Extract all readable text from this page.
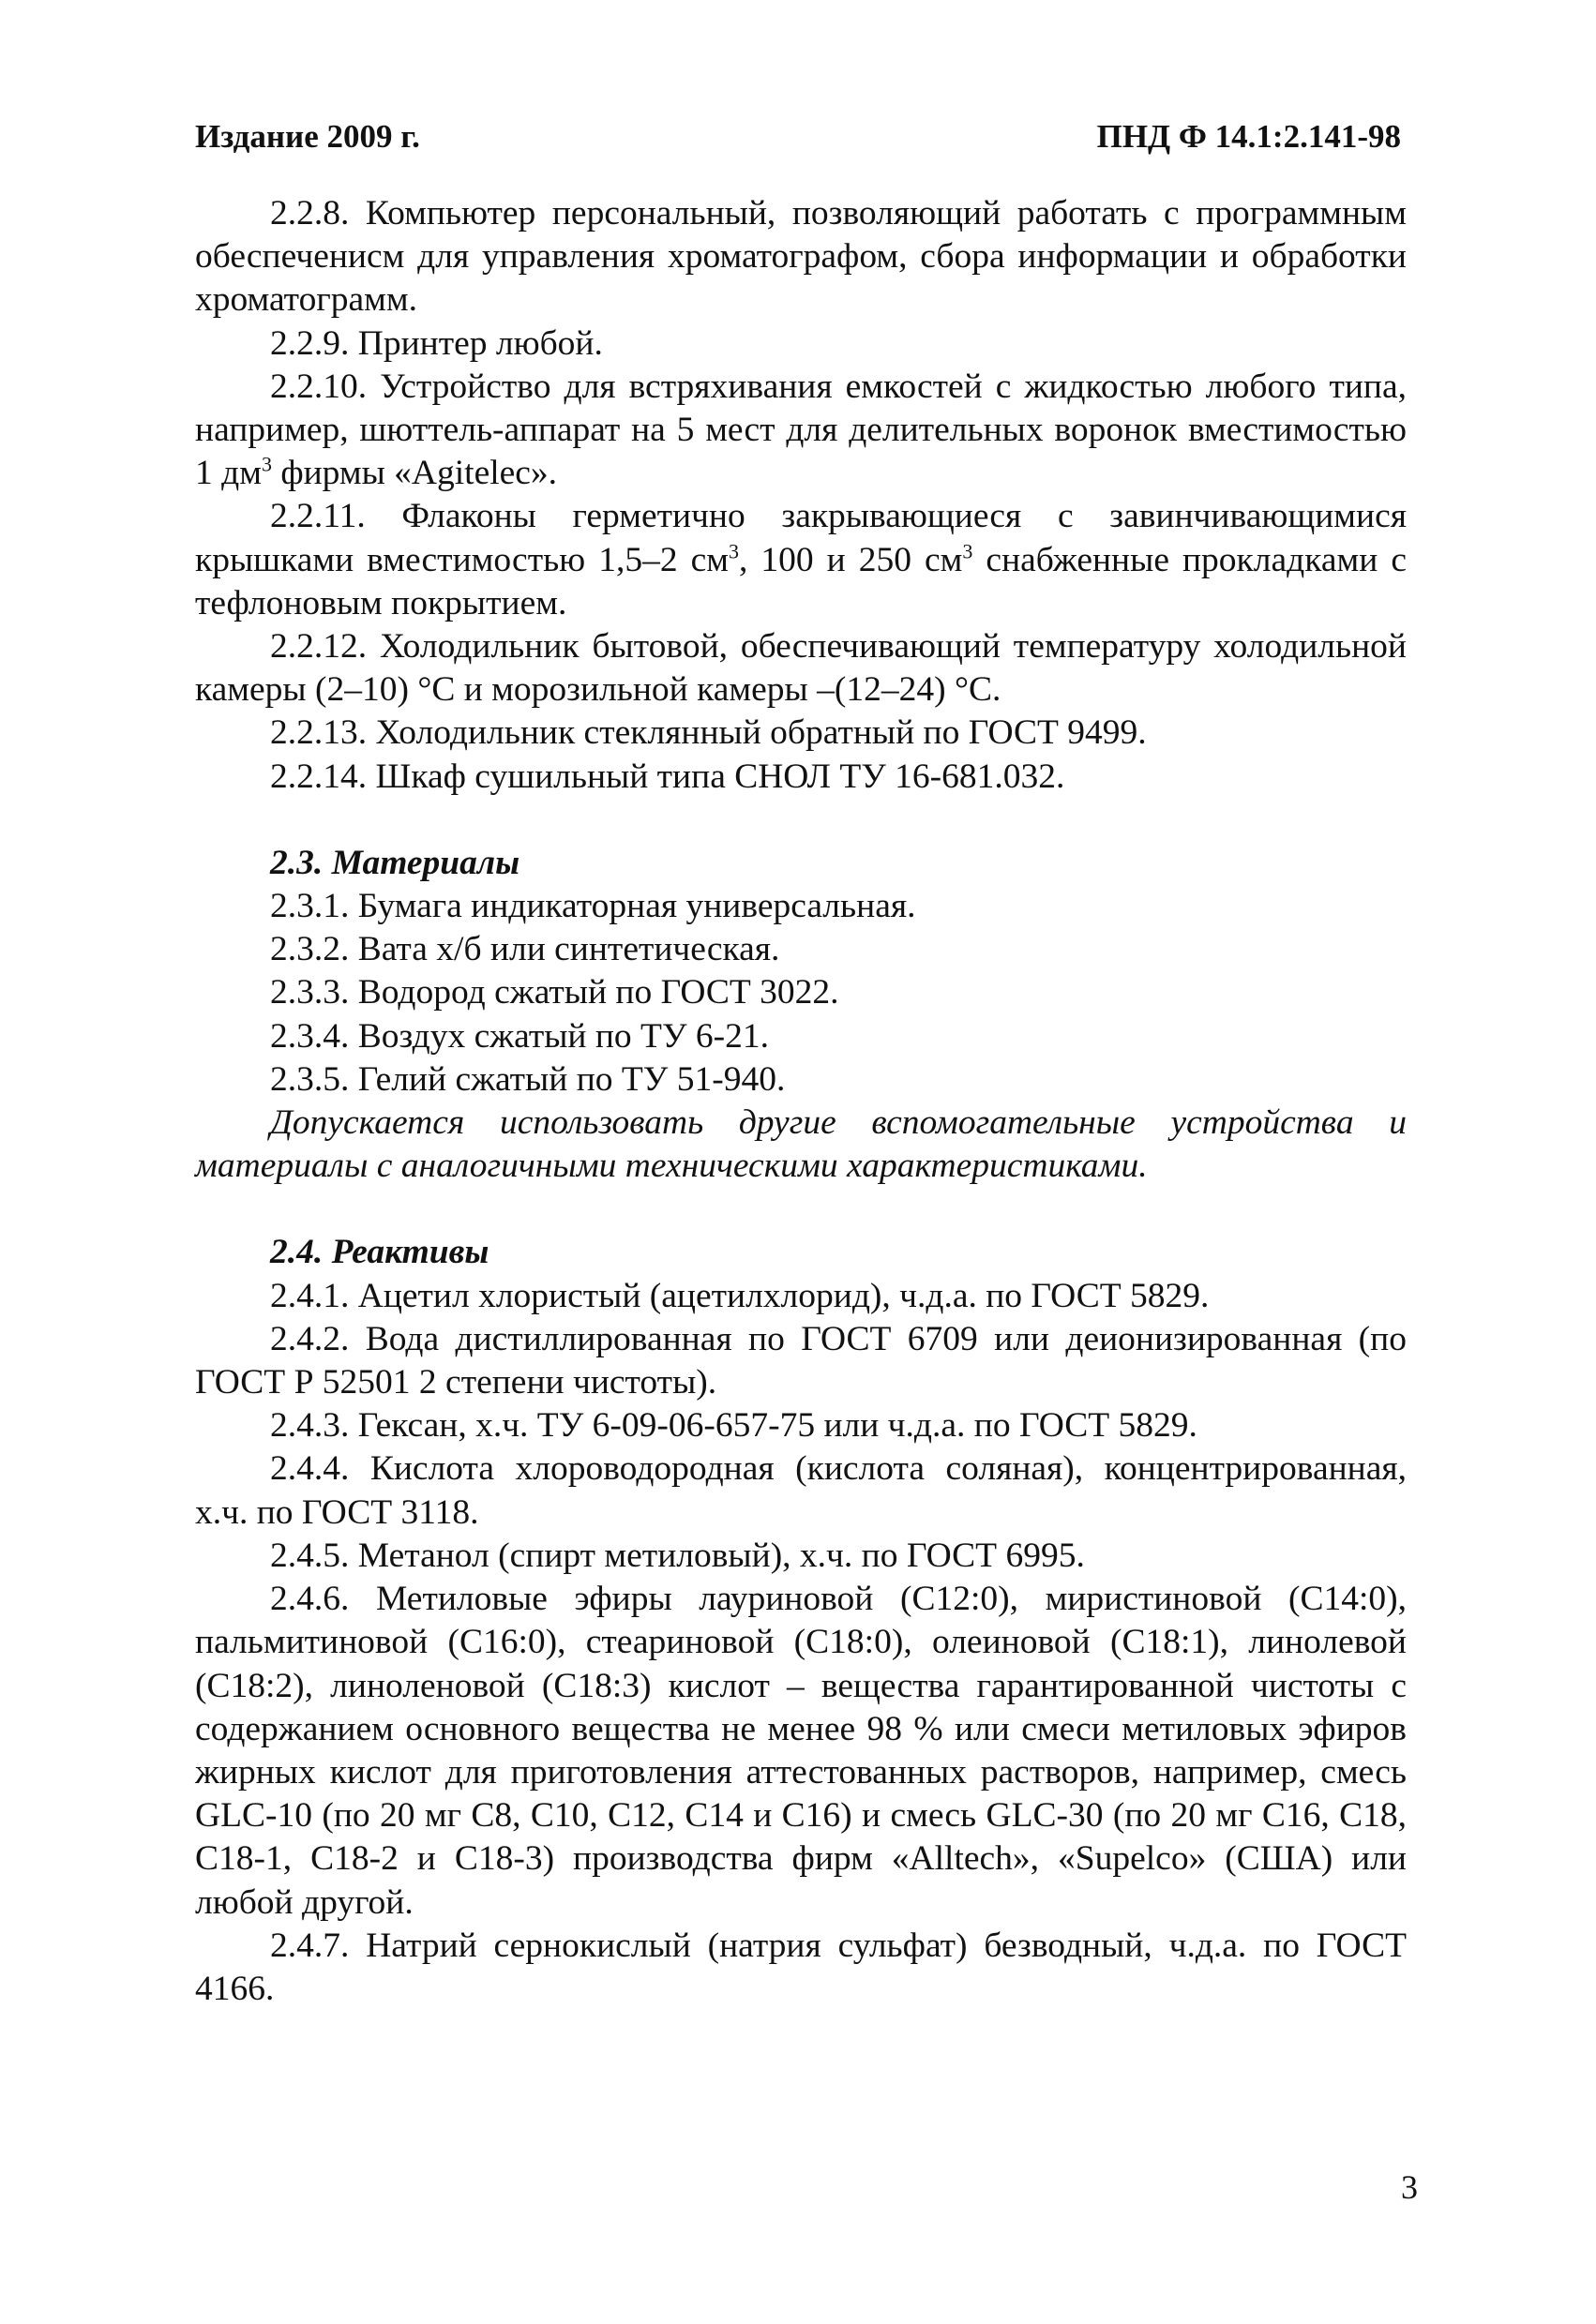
Издание 2009 г.	ПНД Ф 14.1:2.141-98

2.2.8. Компьютер персональный, позволяющий работать с программным обеспеченисм для управления хроматографом, сбора информации и обработки хроматограмм.

2.2.9. Принтер любой.

2.2.10. Устройство для встряхивания емкостей с жидкостью любого типа, например, шюттель-аппарат на 5 мест для делительных воронок вместимостью 1 $дм^3$ фирмы «Agitelec».

2.2.11. Флаконы герметично закрывающиеся с завинчивающимися крышками вместимостью 1,5–2 $см^3$, 100 и 250 $см^3$ снабженные прокладками с тефлоновым покрытием.

2.2.12. Холодильник бытовой, обеспечивающий температуру холодильной камеры (2–10) °С и морозильной камеры –(12–24) °С.

2.2.13. Холодильник стеклянный обратный по ГОСТ 9499.

2.2.14. Шкаф сушильный типа СНОЛ ТУ 16-681.032.

2.3. Материалы

2.3.1. Бумага индикаторная универсальная.

2.3.2. Вата х/б или синтетическая.

2.3.3. Водород сжатый по ГОСТ 3022.

2.3.4. Воздух сжатый по ТУ 6-21.

2.3.5. Гелий сжатый по ТУ 51-940.

Допускается использовать другие вспомогательные устройства и материалы с аналогичными техническими характеристиками.

2.4. Реактивы

2.4.1. Ацетил хлористый (ацетилхлорид), ч.д.а. по ГОСТ 5829.

2.4.2. Вода дистиллированная по ГОСТ 6709 или деионизированная (по ГОСТ Р 52501 2 степени чистоты).

2.4.3. Гексан, х.ч. ТУ 6-09-06-657-75 или ч.д.а. по ГОСТ 5829.

2.4.4. Кислота хлороводородная (кислота соляная), концентрированная, х.ч. по ГОСТ 3118.

2.4.5. Метанол (спирт метиловый), х.ч. по ГОСТ 6995.

2.4.6. Метиловые эфиры лауриновой (С12:0), миристиновой (С14:0), пальмитиновой (С16:0), стеариновой (С18:0), олеиновой (С18:1), линолевой (С18:2), линоленовой (С18:3) кислот – вещества гарантированной чистоты с содержанием основного вещества не менее 98 % или смеси метиловых эфиров жирных кислот для приготовления аттестованных растворов, например, смесь GLC-10 (по 20 мг С8, С10, С12, С14 и С16) и смесь GLC-30 (по 20 мг С16, С18, С18-1, С18-2 и С18-3) производства фирм «Alltech», «Supelco» (США) или любой другой.

2.4.7. Натрий сернокислый (натрия сульфат) безводный, ч.д.а. по ГОСТ 4166.

3
